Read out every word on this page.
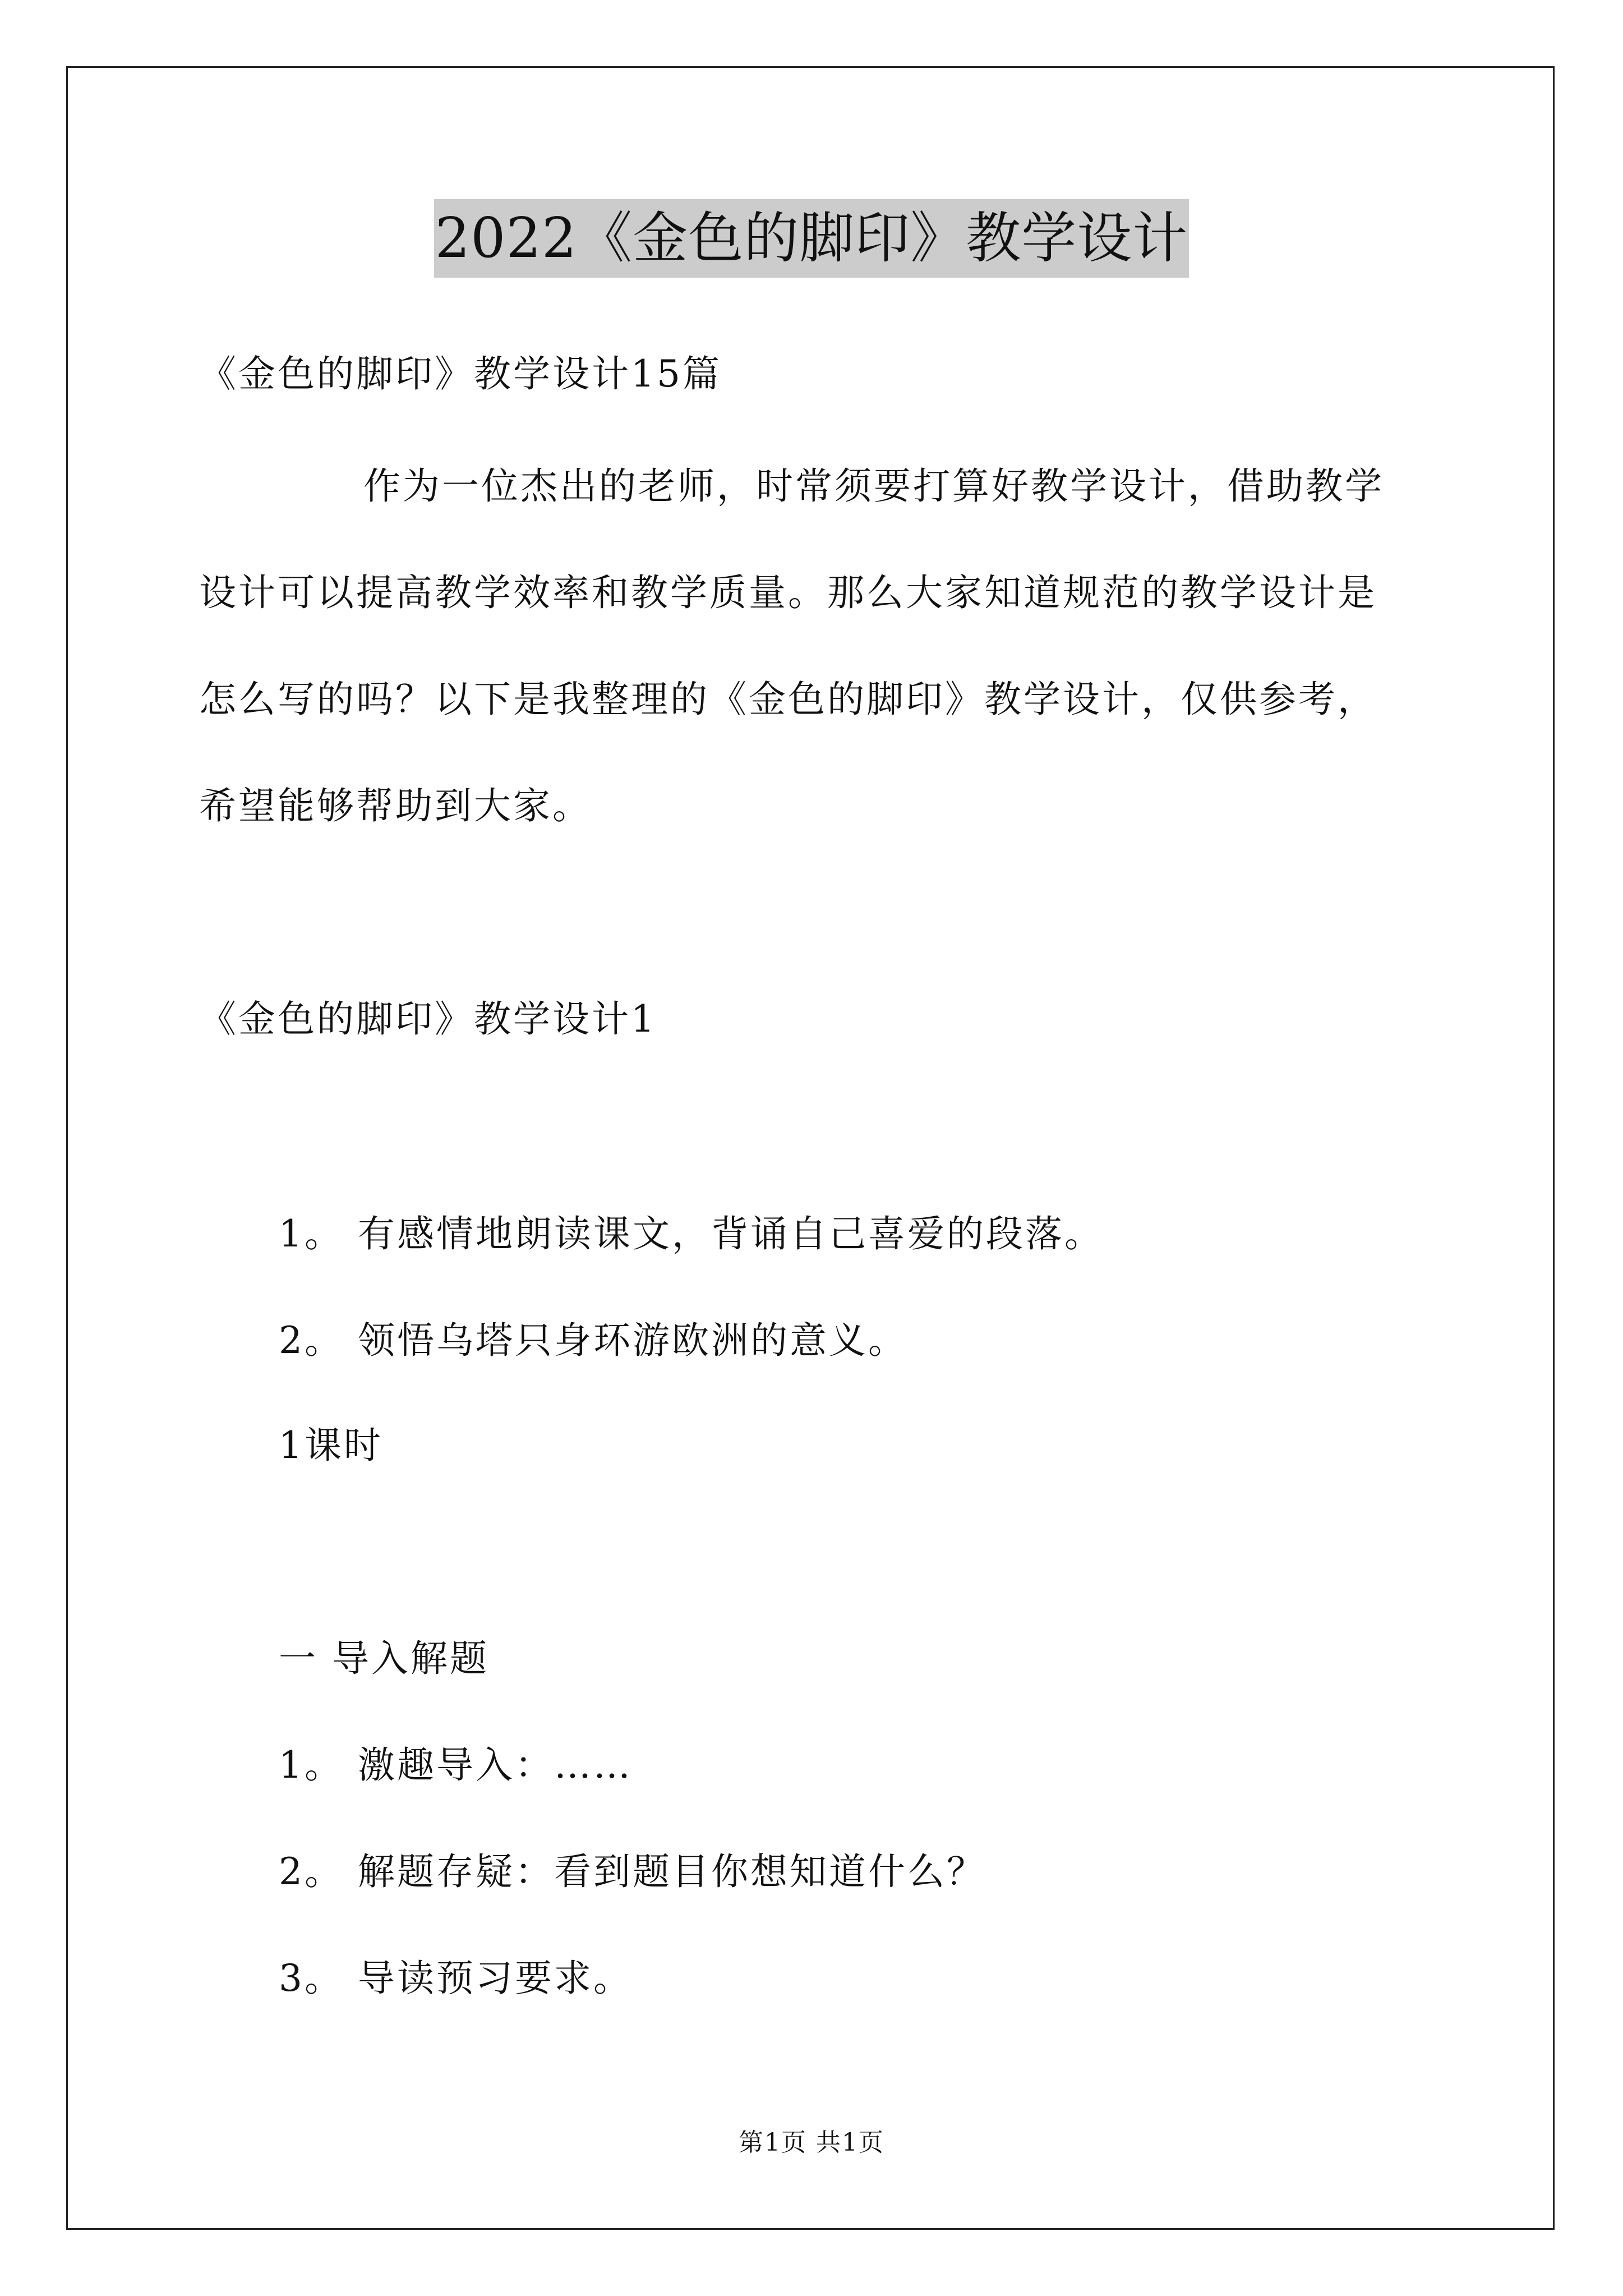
2022《金色的脚印》教学设计
《金色的脚印》教学设计15篇
作为一位杰出的老师，时常须要打算好教学设计，借助教学
设计可以提高教学效率和教学质量。那么大家知道规范的教学设计是
怎么写的吗？以下是我整理的《金色的脚印》教学设计，仅供参考，
希望能够帮助到大家。
《金色的脚印》教学设计1
1。 有感情地朗读课文，背诵自己喜爱的段落。
2。 领悟乌塔只身环游欧洲的意义。
1课时
一 导入解题
1。 激趣导入：……
2。 解题存疑：看到题目你想知道什么？
3。 导读预习要求。
第1页 共1页
